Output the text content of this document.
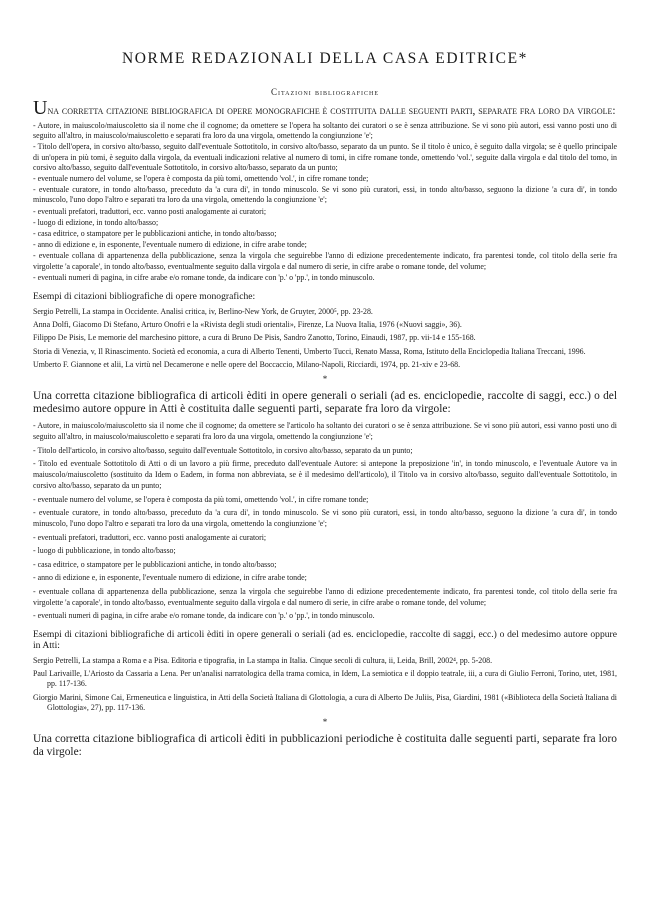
NORME REDAZIONALI DELLA CASA EDITRICE*
Citazioni bibliografiche

Una corretta citazione bibliografica di opere monografiche è costituita dalle seguenti parti, separate fra loro da virgole:

- Autore, in maiuscolo/maiuscoletto sia il nome che il cognome; da omettere se l'opera ha soltanto dei curatori o se è senza attribuzione. Se vi sono più autori, essi vanno posti uno di seguito all'altro, in maiuscolo/maiuscoletto e separati fra loro da una virgola, omettendo la congiunzione 'e';
- Titolo dell'opera, in corsivo alto/basso, seguito dall'eventuale Sottotitolo, in corsivo alto/basso, separato da un punto. Se il titolo è unico, è seguito dalla virgola; se è quello principale di un'opera in più tomi, è seguito dalla virgola, da eventuali indicazioni relative al numero di tomi, in cifre romane tonde, omettendo 'vol.', seguite dalla virgola e dal titolo del tomo, in corsivo alto/basso, seguito dall'eventuale Sottotitolo, in corsivo alto/basso, separato da un punto;
- eventuale numero del volume, se l'opera è composta da più tomi, omettendo 'vol.', in cifre romane tonde;
- eventuale curatore, in tondo alto/basso, preceduto da 'a cura di', in tondo minuscolo. Se vi sono più curatori, essi, in tondo alto/basso, seguono la dizione 'a cura di', in tondo minuscolo, l'uno dopo l'altro e separati tra loro da una virgola, omettendo la congiunzione 'e';
- eventuali prefatori, traduttori, ecc. vanno posti analogamente ai curatori;
- luogo di edizione, in tondo alto/basso;
- casa editrice, o stampatore per le pubblicazioni antiche, in tondo alto/basso;
- anno di edizione e, in esponente, l'eventuale numero di edizione, in cifre arabe tonde;
- eventuale collana di appartenenza della pubblicazione, senza la virgola che seguirebbe l'anno di edizione precedentemente indicato, fra parentesi tonde, col titolo della serie fra virgolette 'a caporale', in tondo alto/basso, eventualmente seguito dalla virgola e dal numero di serie, in cifre arabe o romane tonde, del volume;
- eventuali numeri di pagina, in cifre arabe e/o romane tonde, da indicare con 'p.' o 'pp.', in tondo minuscolo.

Esempi di citazioni bibliografiche di opere monografiche:

Sergio Petrelli, La stampa in Occidente. Analisi critica, iv, Berlino-New York, de Gruyter, 2000⁵, pp. 23-28.

Anna Dolfi, Giacomo Di Stefano, Arturo Onofri e la «Rivista degli studi orientali», Firenze, La Nuova Italia, 1976 («Nuovi saggi», 36).

Filippo De Pisis, Le memorie del marchesino pittore, a cura di Bruno De Pisis, Sandro Zanotto, Torino, Einaudi, 1987, pp. vii-14 e 155-168.

Storia di Venezia, v, Il Rinascimento. Società ed economia, a cura di Alberto Tenenti, Umberto Tucci, Renato Massa, Roma, Istituto della Enciclopedia Italiana Treccani, 1996.

Umberto F. Giannone et alii, La virtù nel Decamerone e nelle opere del Boccaccio, Milano-Napoli, Ricciardi, 1974, pp. 21-xiv e 23-68.

*

Una corretta citazione bibliografica di articoli èditi in opere generali o seriali (ad es. enciclopedie, raccolte di saggi, ecc.) o del medesimo autore oppure in Atti è costituita dalle seguenti parti, separate fra loro da virgole:

- Autore, in maiuscolo/maiuscoletto sia il nome che il cognome; da omettere se l'articolo ha soltanto dei curatori o se è senza attribuzione. Se vi sono più autori, essi vanno posti uno di seguito all'altro, in maiuscolo/maiuscoletto e separati fra loro da una virgola, omettendo la congiunzione 'e';
- Titolo dell'articolo, in corsivo alto/basso, seguito dall'eventuale Sottotitolo, in corsivo alto/basso, separato da un punto;
- Titolo ed eventuale Sottotitolo di Atti o di un lavoro a più firme, preceduto dall'eventuale Autore: si antepone la preposizione 'in', in tondo minuscolo, e l'eventuale Autore va in maiuscolo/maiuscoletto (sostituito da Idem o Eadem, in forma non abbreviata, se è il medesimo dell'articolo), il Titolo va in corsivo alto/basso, seguito dall'eventuale Sottotitolo, in corsivo alto/basso, separato da un punto;
- eventuale numero del volume, se l'opera è composta da più tomi, omettendo 'vol.', in cifre romane tonde;
- eventuale curatore, in tondo alto/basso, preceduto da 'a cura di', in tondo minuscolo. Se vi sono più curatori, essi, in tondo alto/basso, seguono la dizione 'a cura di', in tondo minuscolo, l'uno dopo l'altro e separati tra loro da una virgola, omettendo la congiunzione 'e';
- eventuali prefatori, traduttori, ecc. vanno posti analogamente ai curatori;
- luogo di pubblicazione, in tondo alto/basso;
- casa editrice, o stampatore per le pubblicazioni antiche, in tondo alto/basso;
- anno di edizione e, in esponente, l'eventuale numero di edizione, in cifre arabe tonde;
- eventuale collana di appartenenza della pubblicazione, senza la virgola che seguirebbe l'anno di edizione precedentemente indicato, fra parentesi tonde, col titolo della serie fra virgolette 'a caporale', in tondo alto/basso, eventualmente seguito dalla virgola e dal numero di serie, in cifre arabe o romane tonde, del volume;
- eventuali numeri di pagina, in cifre arabe e/o romane tonde, da indicare con 'p.' o 'pp.', in tondo minuscolo.

Esempi di citazioni bibliografiche di articoli èditi in opere generali o seriali (ad es. enciclopedie, raccolte di saggi, ecc.) o del medesimo autore oppure in Atti:

Sergio Petrelli, La stampa a Roma e a Pisa. Editoria e tipografia, in La stampa in Italia. Cinque secoli di cultura, ii, Leida, Brill, 2002⁴, pp. 5-208.

Paul Larivaille, L'Ariosto da Cassaria a Lena. Per un'analisi narratologica della trama comica, in Idem, La semiotica e il doppio teatrale, iii, a cura di Giulio Ferroni, Torino, utet, 1981, pp. 117-136.

Giorgio Marini, Simone Cai, Ermeneutica e linguistica, in Atti della Società Italiana di Glottologia, a cura di Alberto De Juliis, Pisa, Giardini, 1981 («Biblioteca della Società Italiana di Glottologia», 27), pp. 117-136.

*

Una corretta citazione bibliografica di articoli èditi in pubblicazioni periodiche è costituita dalle seguenti parti, separate fra loro da virgole:
